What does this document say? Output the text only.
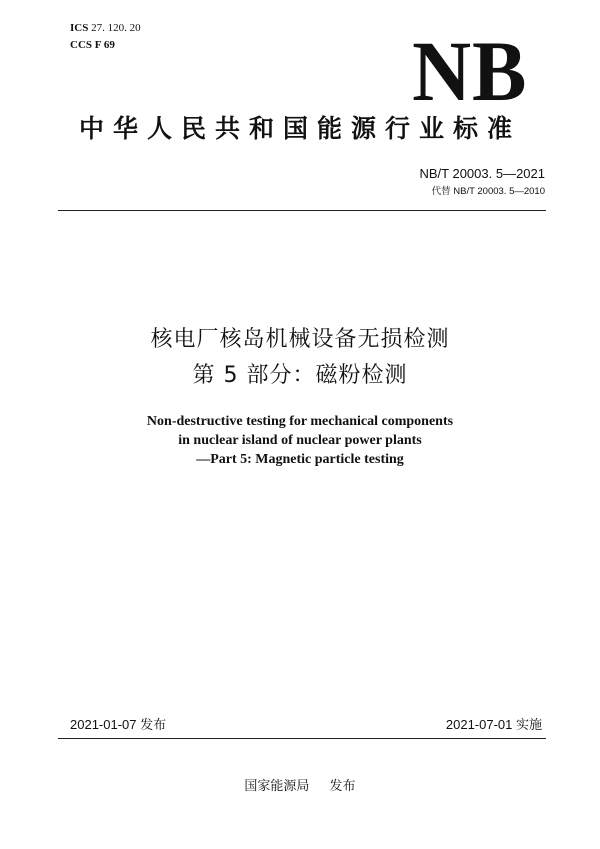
ICS 27. 120. 20
CCS F 69	NB
中华人民共和国能源行业标准
NB/T 20003. 5—2021
代替 NB/T 20003. 5—2010
核电厂核岛机械设备无损检测
第 5 部分：磁粉检测
Non-destructive testing for mechanical components
in nuclear island of nuclear power plants
—Part 5: Magnetic particle testing
2021-01-07 发布	2021-07-01 实施
国家能源局 发布
